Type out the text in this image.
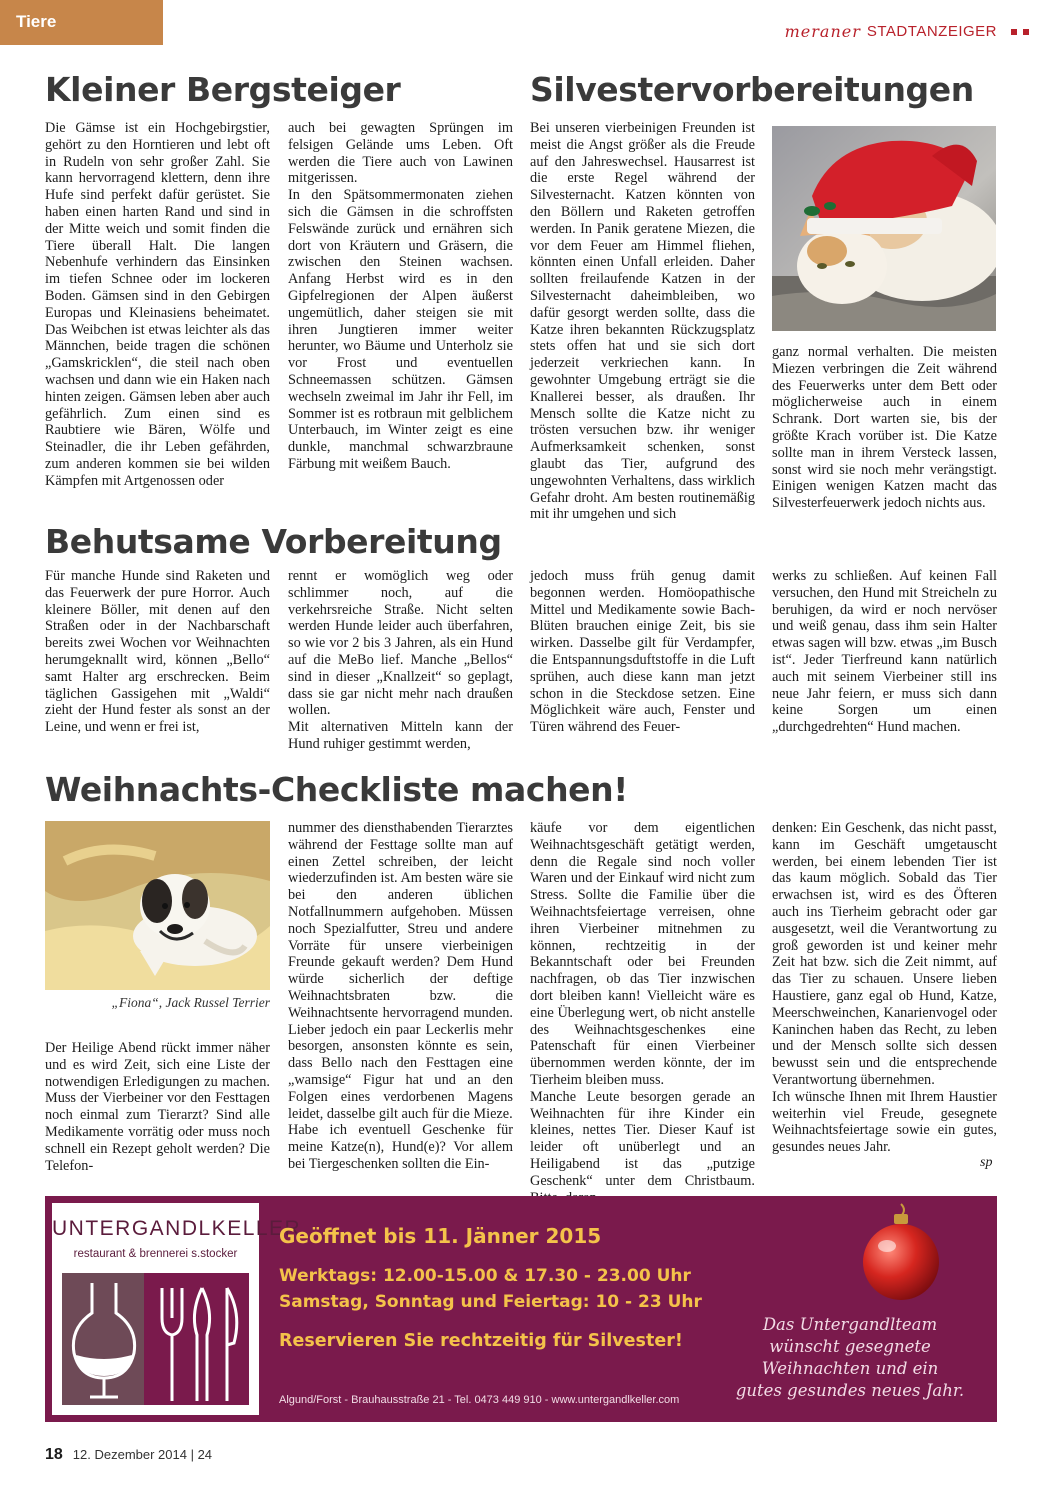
Tiere
meraner STADTANZEIGER
Kleiner Bergsteiger

Die Gämse ist ein Hochgebirgstier, gehört zu den Horntieren und lebt oft in Rudeln von sehr großer Zahl. Sie kann hervorragend klettern, denn ihre Hufe sind perfekt dafür gerüstet. Sie haben einen harten Rand und sind in der Mitte weich und somit finden die Tiere überall Halt. Die langen Nebenhufe verhindern das Einsinken im tiefen Schnee oder im lockeren Boden. Gämsen sind in den Gebirgen Europas und Kleinasiens beheimatet. Das Weibchen ist etwas leichter als das Männchen, beide tragen die schönen „Gamskricklen“, die steil nach oben wachsen und dann wie ein Haken nach hinten zeigen. Gämsen leben aber auch gefährlich. Zum einen sind es Raubtiere wie Bären, Wölfe und Steinadler, die ihr Leben gefährden, zum anderen kommen sie bei wilden Kämpfen mit Artgenossen oder

auch bei gewagten Sprüngen im felsigen Gelände ums Leben. Oft werden die Tiere auch von Lawinen mitgerissen.

In den Spätsommermonaten ziehen sich die Gämsen in die schroffsten Felswände zurück und ernähren sich dort von Kräutern und Gräsern, die zwischen den Steinen wachsen. Anfang Herbst wird es in den Gipfelregionen der Alpen äußerst ungemütlich, daher steigen sie mit ihren Jungtieren immer weiter herunter, wo Bäume und Unterholz sie vor Frost und eventuellen Schneemassen schützen. Gämsen wechseln zweimal im Jahr ihr Fell, im Sommer ist es rotbraun mit gelblichem Unterbauch, im Winter zeigt es eine dunkle, manchmal schwarzbraune Färbung mit weißem Bauch.

Silvestervorbereitungen

Bei unseren vierbeinigen Freunden ist meist die Angst größer als die Freude auf den Jahreswechsel. Hausarrest ist die erste Regel während der Silvesternacht. Katzen könnten von den Böllern und Raketen getroffen werden. In Panik geratene Miezen, die vor dem Feuer am Himmel fliehen, könnten einen Unfall erleiden. Daher sollten freilaufende Katzen in der Silvesternacht daheimbleiben, wo dafür gesorgt werden sollte, dass die Katze ihren bekannten Rückzugsplatz stets offen hat und sie sich dort jederzeit verkriechen kann. In gewohnter Umgebung erträgt sie die Knallerei besser, als draußen. Ihr Mensch sollte die Katze nicht zu trösten versuchen bzw. ihr weniger Aufmerksamkeit schenken, sonst glaubt das Tier, aufgrund des ungewohnten Verhaltens, dass wirklich Gefahr droht. Am besten routinemäßig mit ihr umgehen und sich

ganz normal verhalten. Die meisten Miezen verbringen die Zeit während des Feuerwerks unter dem Bett oder möglicherweise auch in einem Schrank. Dort warten sie, bis der größte Krach vorüber ist. Die Katze sollte man in ihrem Versteck lassen, sonst wird sie noch mehr verängstigt. Einigen wenigen Katzen macht das Silvesterfeuerwerk jedoch nichts aus.

Behutsame Vorbereitung

Für manche Hunde sind Raketen und das Feuerwerk der pure Horror. Auch kleinere Böller, mit denen auf den Straßen oder in der Nachbarschaft bereits zwei Wochen vor Weihnachten herumgeknallt wird, können „Bello“ samt Halter arg erschrecken. Beim täglichen Gassigehen mit „Waldi“ zieht der Hund fester als sonst an der Leine, und wenn er frei ist,

rennt er womöglich weg oder schlimmer noch, auf die verkehrsreiche Straße. Nicht selten werden Hunde leider auch überfahren, so wie vor 2 bis 3 Jahren, als ein Hund auf die MeBo lief. Manche „Bellos“ sind in dieser „Knallzeit“ so geplagt, dass sie gar nicht mehr nach draußen wollen.

Mit alternativen Mitteln kann der Hund ruhiger gestimmt werden,

jedoch muss früh genug damit begonnen werden. Homöopathische Mittel und Medikamente sowie Bach-Blüten brauchen einige Zeit, bis sie wirken. Dasselbe gilt für Verdampfer, die Entspannungsduftstoffe in die Luft sprühen, auch diese kann man jetzt schon in die Steckdose setzen. Eine Möglichkeit wäre auch, Fenster und Türen während des Feuer-

werks zu schließen. Auf keinen Fall versuchen, den Hund mit Streicheln zu beruhigen, da wird er noch nervöser und weiß genau, dass ihm sein Halter etwas sagen will bzw. etwas „im Busch ist“. Jeder Tierfreund kann natürlich auch mit seinem Vierbeiner still ins neue Jahr feiern, er muss sich dann keine Sorgen um einen „durchgedrehten“ Hund machen.

Weihnachts-Checkliste machen!
„Fiona“, Jack Russel Terrier

Der Heilige Abend rückt immer näher und es wird Zeit, sich eine Liste der notwendigen Erledigungen zu machen. Muss der Vierbeiner vor den Festtagen noch einmal zum Tierarzt? Sind alle Medikamente vorrätig oder muss noch schnell ein Rezept geholt werden? Die Telefon-

nummer des diensthabenden Tierarztes während der Festtage sollte man auf einen Zettel schreiben, der leicht wiederzufinden ist. Am besten wäre sie bei den anderen üblichen Notfallnummern aufgehoben. Müssen noch Spezialfutter, Streu und andere Vorräte für unsere vierbeinigen Freunde gekauft werden? Dem Hund würde sicherlich der deftige Weihnachtsbraten bzw. die Weihnachtsente hervorragend munden. Lieber jedoch ein paar Leckerlis mehr besorgen, ansonsten könnte es sein, dass Bello nach den Festtagen eine „wamsige“ Figur hat und an den Folgen eines verdorbenen Magens leidet, dasselbe gilt auch für die Mieze.

Habe ich eventuell Geschenke für meine Katze(n), Hund(e)? Vor allem bei Tiergeschenken sollten die Ein-

käufe vor dem eigentlichen Weihnachtsgeschäft getätigt werden, denn die Regale sind noch voller Waren und der Einkauf wird nicht zum Stress. Sollte die Familie über die Weihnachtsfeiertage verreisen, ohne ihren Vierbeiner mitnehmen zu können, rechtzeitig in der Bekanntschaft oder bei Freunden nachfragen, ob das Tier inzwischen dort bleiben kann! Vielleicht wäre es eine Überlegung wert, ob nicht anstelle des Weihnachtsgeschenkes eine Patenschaft für einen Vierbeiner übernommen werden könnte, der im Tierheim bleiben muss.

Manche Leute besorgen gerade an Weihnachten für ihre Kinder ein kleines, nettes Tier. Dieser Kauf ist leider oft unüberlegt und an Heiligabend ist das „putzige Geschenk“ unter dem Christbaum.

denken: Ein Geschenk, das nicht passt, kann im Geschäft umgetauscht werden, bei einem lebenden Tier ist das kaum möglich. Sobald das Tier erwachsen ist, wird es des Öfteren auch ins Tierheim gebracht oder gar ausgesetzt, weil die Verantwortung zu groß geworden ist und keiner mehr Zeit hat bzw. sich die Zeit nimmt, auf das Tier zu schauen. Unsere lieben Haustiere, ganz egal ob Hund, Katze, Meerschweinchen, Kanarienvogel oder Kaninchen haben das Recht, zu leben und der Mensch sollte sich dessen bewusst sein und die entsprechende Verantwortung übernehmen.

Ich wünsche Ihnen mit Ihrem Haustier weiterhin viel Freude, gesegnete Weihnachtsfeiertage sowie ein gutes, gesundes neues Jahr.

sp
UNTERGANDLKELLER
restaurant & brennerei s.stocker
Geöffnet bis 11. Jänner 2015
Werktags: 12.00-15.00 & 17.30 - 23.00 Uhr
Samstag, Sonntag und Feiertag: 10 - 23 Uhr
Reservieren Sie rechtzeitig für Silvester!
Algund/Forst - Brauhausstraße 21 - Tel. 0473 449 910 - www.untergandlkeller.com
Das Untergandlteam
wünscht gesegnete
Weihnachten und ein
gutes gesundes neues Jahr.
18 12. Dezember 2014 | 24
